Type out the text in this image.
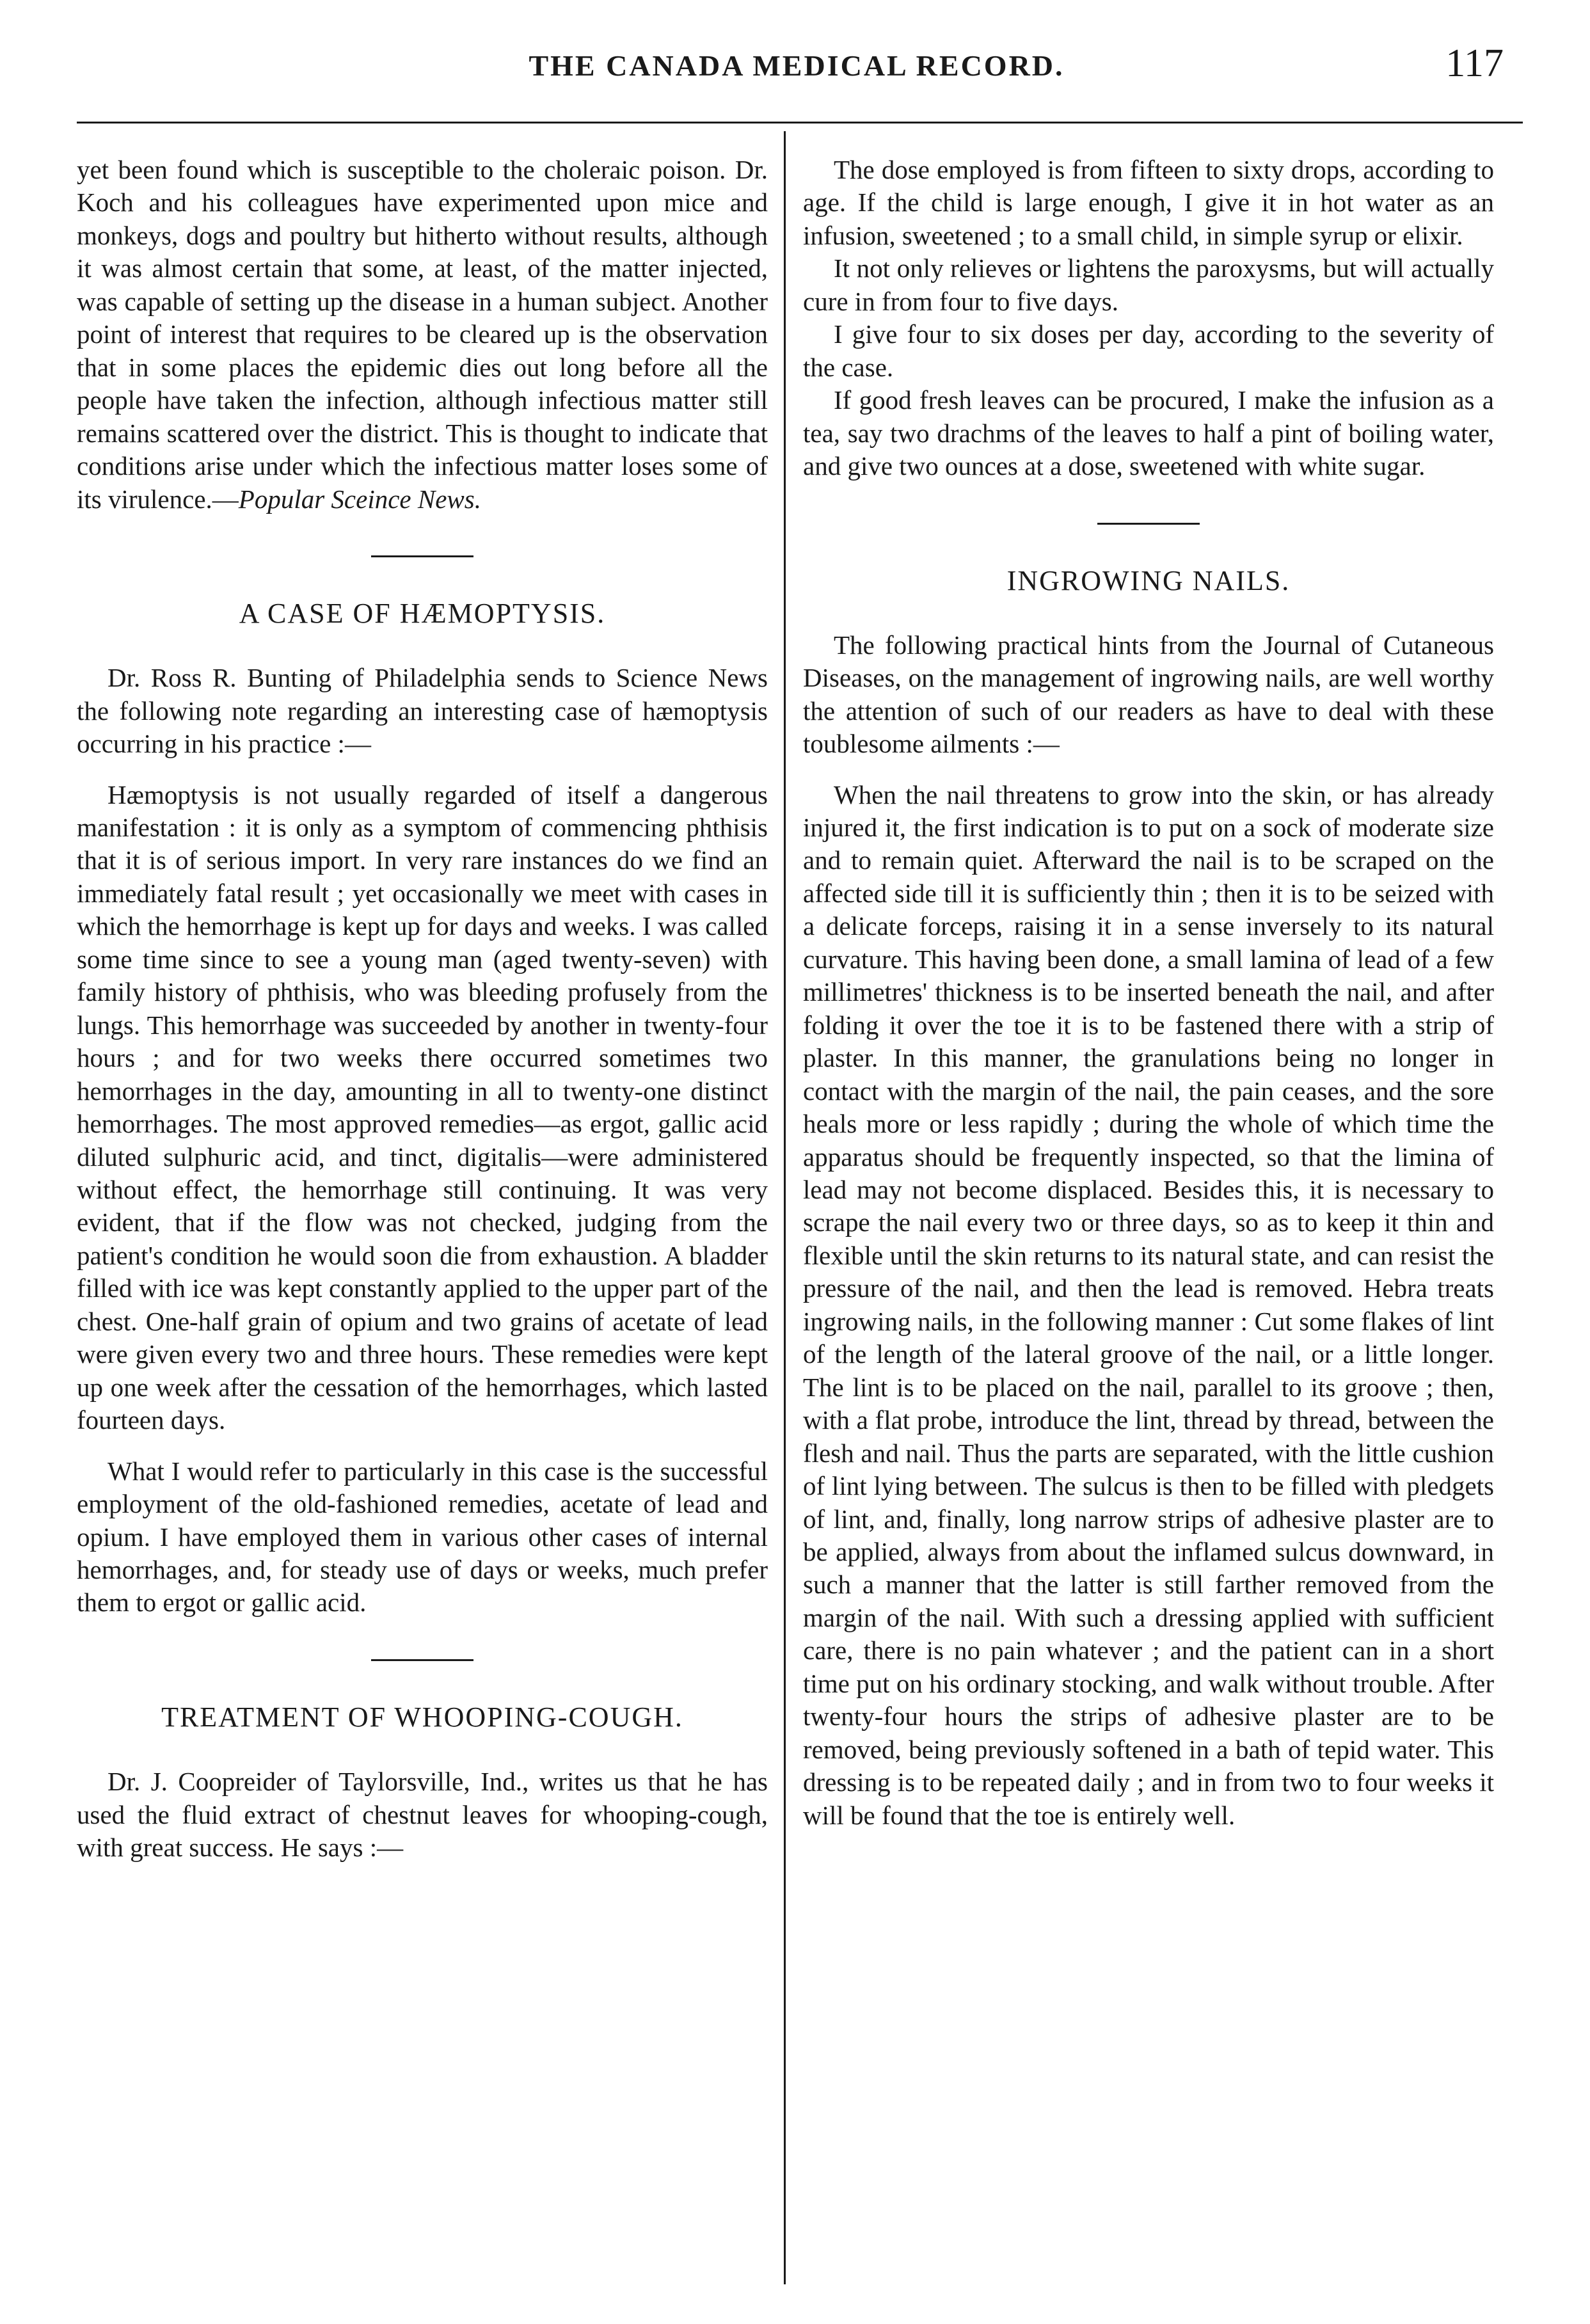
THE CANADA MEDICAL RECORD.	117

yet been found which is susceptible to the choleraic poison. Dr. Koch and his colleagues have experimented upon mice and monkeys, dogs and poultry but hitherto without results, although it was almost certain that some, at least, of the matter injected, was capable of setting up the disease in a human subject. Another point of interest that requires to be cleared up is the observation that in some places the epidemic dies out long before all the people have taken the infection, although infectious matter still remains scattered over the district. This is thought to indicate that conditions arise under which the infectious matter loses some of its virulence.—Popular Sceince News.

A CASE OF HÆMOPTYSIS.

Dr. Ross R. Bunting of Philadelphia sends to Science News the following note regarding an interesting case of hæmoptysis occurring in his practice :—

Hæmoptysis is not usually regarded of itself a dangerous manifestation : it is only as a symptom of commencing phthisis that it is of serious import. In very rare instances do we find an immediately fatal result ; yet occasionally we meet with cases in which the hemorrhage is kept up for days and weeks. I was called some time since to see a young man (aged twenty-seven) with family history of phthisis, who was bleeding profusely from the lungs. This hemorrhage was succeeded by another in twenty-four hours ; and for two weeks there occurred sometimes two hemorrhages in the day, amounting in all to twenty-one distinct hemorrhages. The most approved remedies—as ergot, gallic acid diluted sulphuric acid, and tinct, digitalis—were administered without effect, the hemorrhage still continuing. It was very evident, that if the flow was not checked, judging from the patient's condition he would soon die from exhaustion. A bladder filled with ice was kept constantly applied to the upper part of the chest. One-half grain of opium and two grains of acetate of lead were given every two and three hours. These remedies were kept up one week after the cessation of the hemorrhages, which lasted fourteen days.

What I would refer to particularly in this case is the successful employment of the old-fashioned remedies, acetate of lead and opium. I have employed them in various other cases of internal hemorrhages, and, for steady use of days or weeks, much prefer them to ergot or gallic acid.

TREATMENT OF WHOOPING-COUGH.

Dr. J. Coopreider of Taylorsville, Ind., writes us that he has used the fluid extract of chestnut leaves for whooping-cough, with great success. He says :—

The dose employed is from fifteen to sixty drops, according to age. If the child is large enough, I give it in hot water as an infusion, sweetened ; to a small child, in simple syrup or elixir.

It not only relieves or lightens the paroxysms, but will actually cure in from four to five days.

I give four to six doses per day, according to the severity of the case.

If good fresh leaves can be procured, I make the infusion as a tea, say two drachms of the leaves to half a pint of boiling water, and give two ounces at a dose, sweetened with white sugar.

INGROWING NAILS.

The following practical hints from the Journal of Cutaneous Diseases, on the management of ingrowing nails, are well worthy the attention of such of our readers as have to deal with these toublesome ailments :—

When the nail threatens to grow into the skin, or has already injured it, the first indication is to put on a sock of moderate size and to remain quiet. Afterward the nail is to be scraped on the affected side till it is sufficiently thin ; then it is to be seized with a delicate forceps, raising it in a sense inversely to its natural curvature. This having been done, a small lamina of lead of a few millimetres' thickness is to be inserted beneath the nail, and after folding it over the toe it is to be fastened there with a strip of plaster. In this manner, the granulations being no longer in contact with the margin of the nail, the pain ceases, and the sore heals more or less rapidly ; during the whole of which time the apparatus should be frequently inspected, so that the limina of lead may not become displaced. Besides this, it is necessary to scrape the nail every two or three days, so as to keep it thin and flexible until the skin returns to its natural state, and can resist the pressure of the nail, and then the lead is removed. Hebra treats ingrowing nails, in the following manner : Cut some flakes of lint of the length of the lateral groove of the nail, or a little longer. The lint is to be placed on the nail, parallel to its groove ; then, with a flat probe, introduce the lint, thread by thread, between the flesh and nail. Thus the parts are separated, with the little cushion of lint lying between. The sulcus is then to be filled with pledgets of lint, and, finally, long narrow strips of adhesive plaster are to be applied, always from about the inflamed sulcus downward, in such a manner that the latter is still farther removed from the margin of the nail. With such a dressing applied with sufficient care, there is no pain whatever ; and the patient can in a short time put on his ordinary stocking, and walk without trouble. After twenty-four hours the strips of adhesive plaster are to be removed, being previously softened in a bath of tepid water. This dressing is to be repeated daily ; and in from two to four weeks it will be found that the toe is entirely well.
